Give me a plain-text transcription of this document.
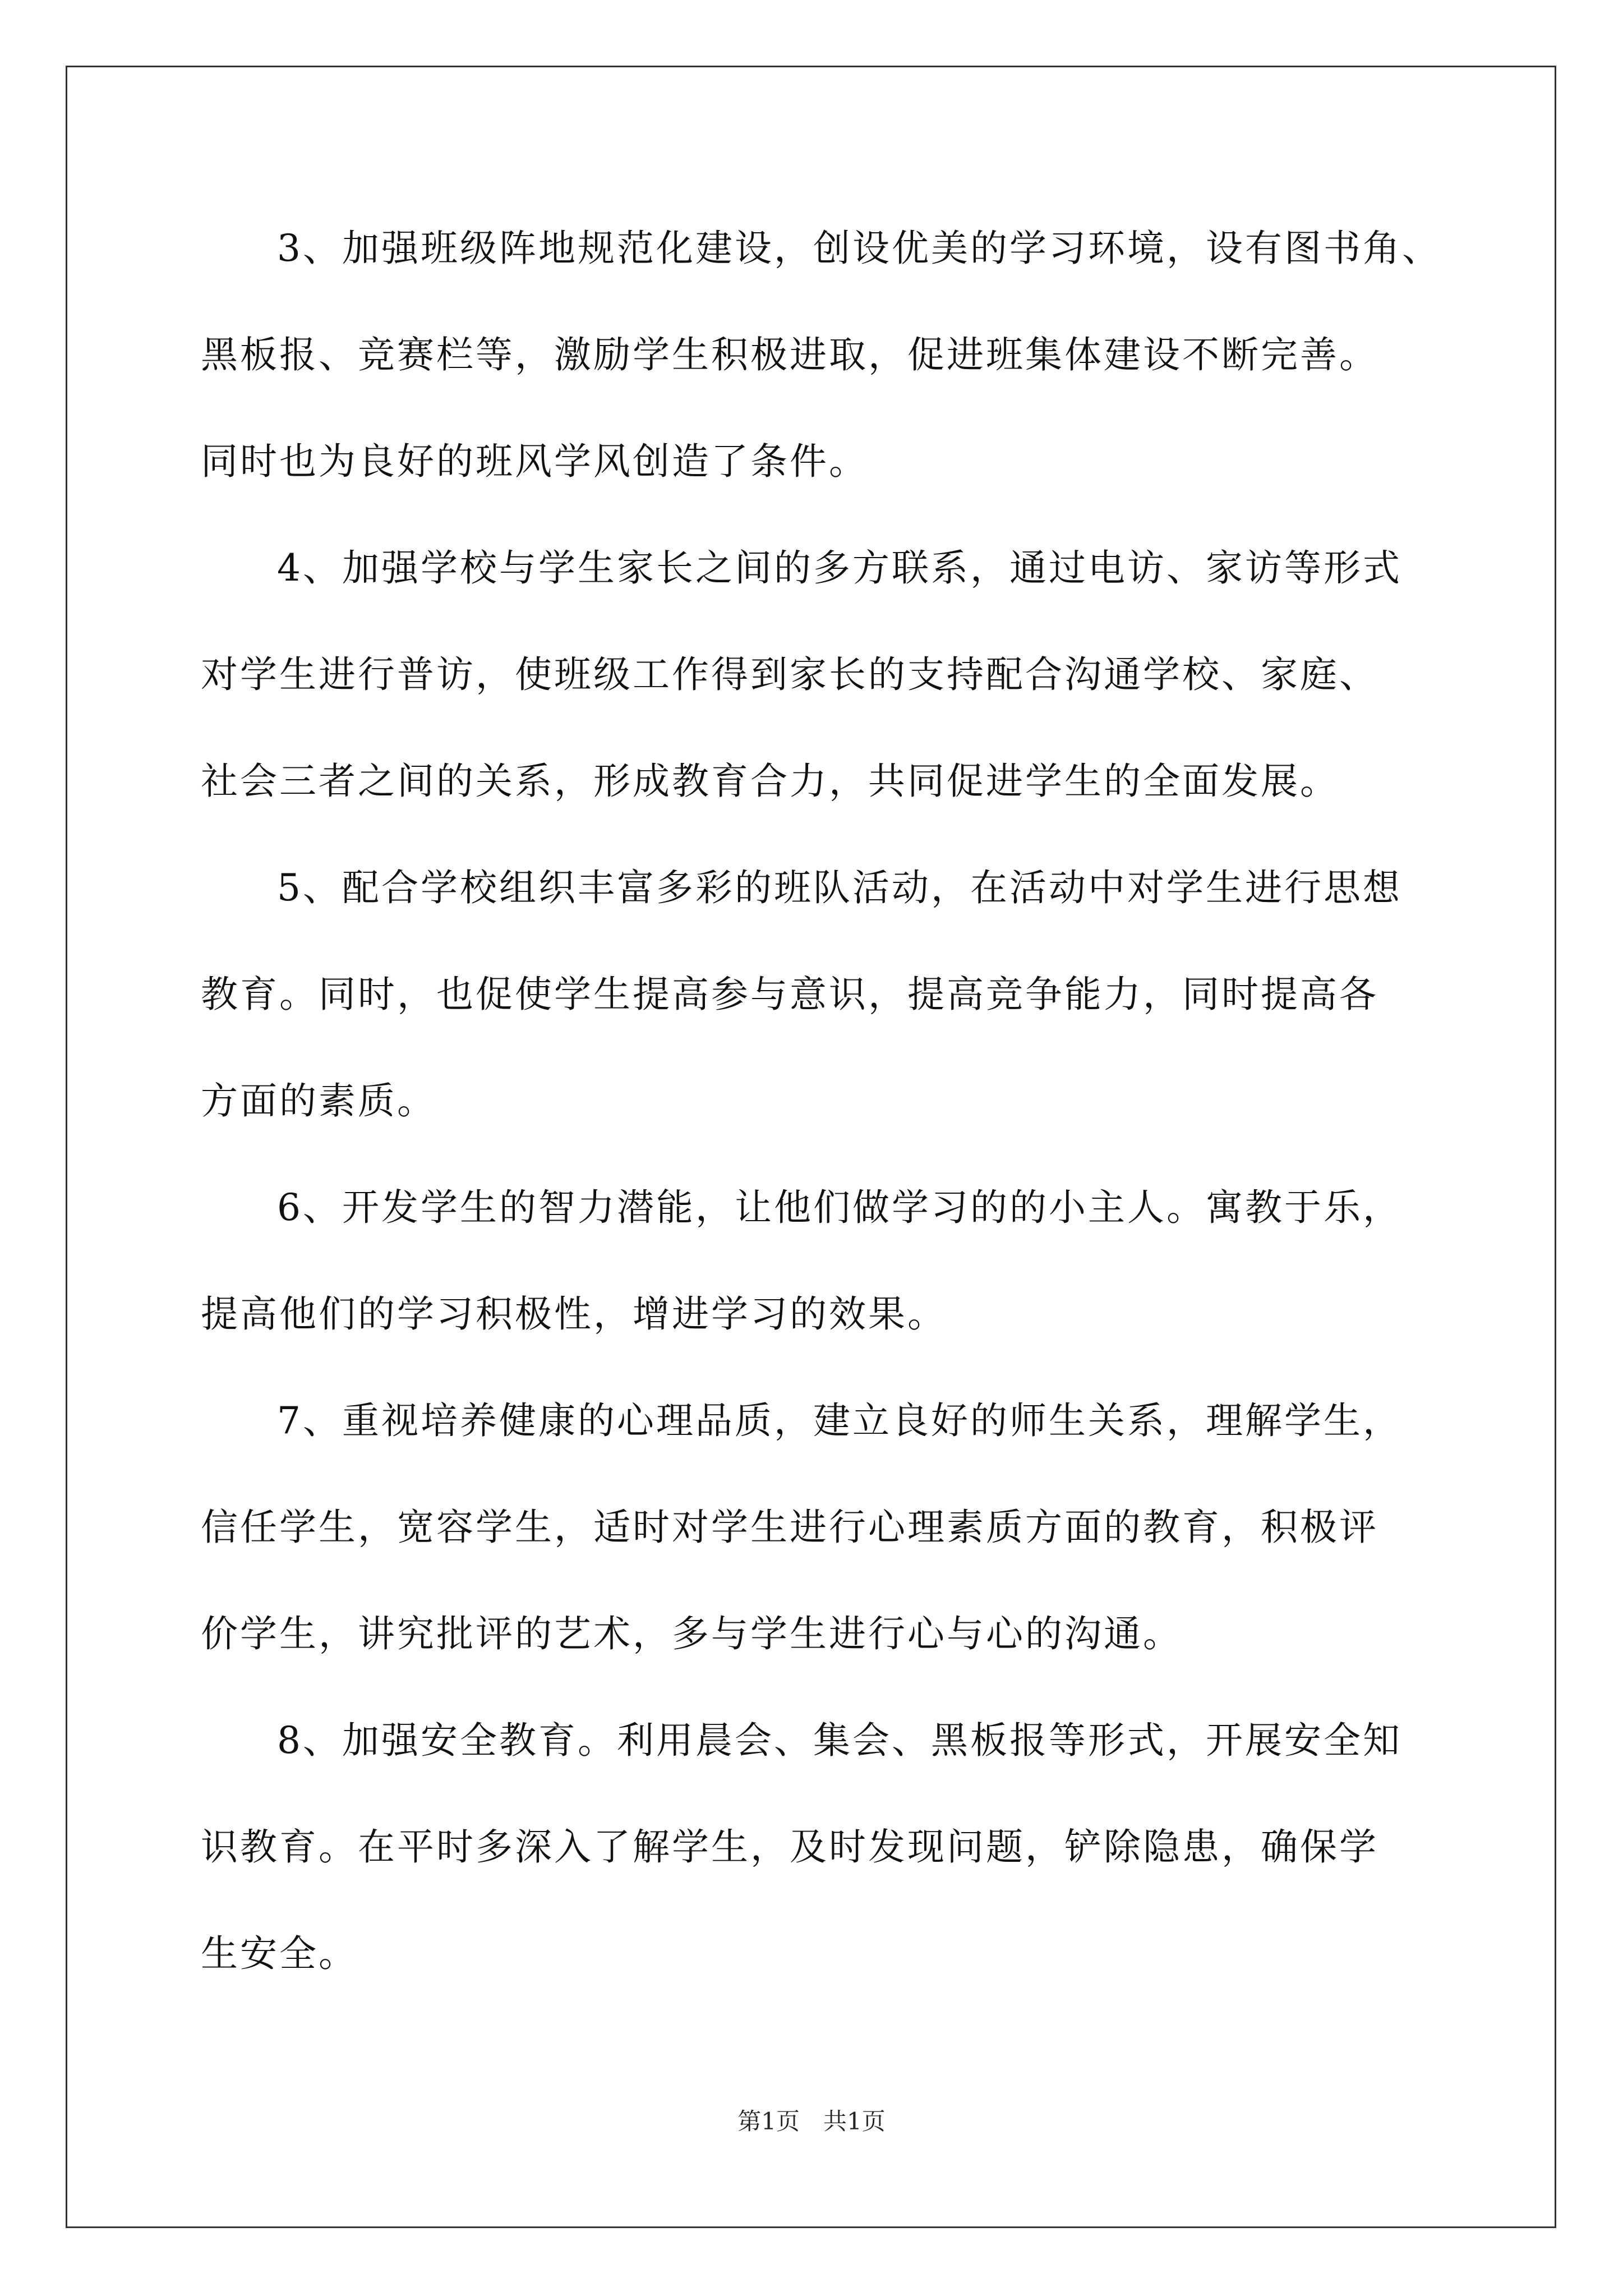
3、加强班级阵地规范化建设，创设优美的学习环境，设有图书角、

黑板报、竞赛栏等，激励学生积极进取，促进班集体建设不断完善。

同时也为良好的班风学风创造了条件。

4、加强学校与学生家长之间的多方联系，通过电访、家访等形式

对学生进行普访，使班级工作得到家长的支持配合沟通学校、家庭、

社会三者之间的关系，形成教育合力，共同促进学生的全面发展。

5、配合学校组织丰富多彩的班队活动，在活动中对学生进行思想

教育。同时，也促使学生提高参与意识，提高竞争能力，同时提高各

方面的素质。

6、开发学生的智力潜能，让他们做学习的的小主人。寓教于乐，

提高他们的学习积极性，增进学习的效果。

7、重视培养健康的心理品质，建立良好的师生关系，理解学生，

信任学生，宽容学生，适时对学生进行心理素质方面的教育，积极评

价学生，讲究批评的艺术，多与学生进行心与心的沟通。

8、加强安全教育。利用晨会、集会、黑板报等形式，开展安全知

识教育。在平时多深入了解学生，及时发现问题，铲除隐患，确保学

生安全。

第1页　共1页
